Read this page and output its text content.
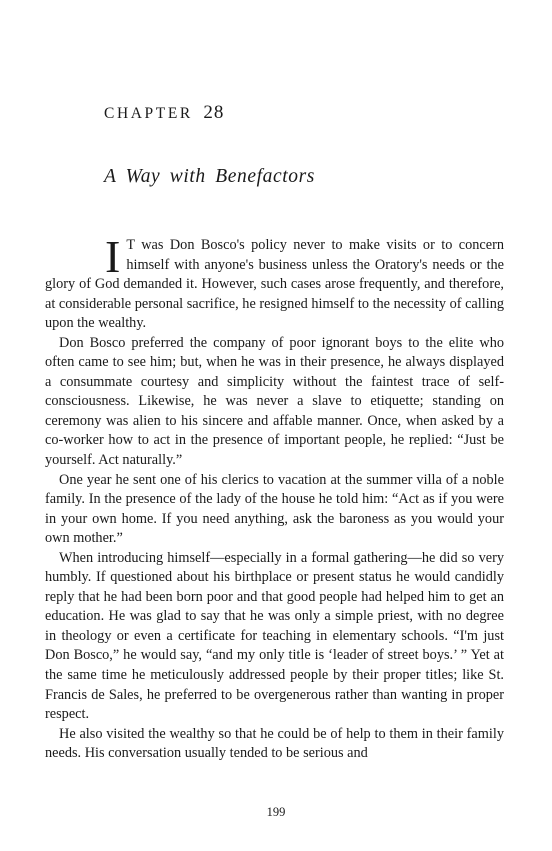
CHAPTER 28
A Way with Benefactors

I T was Don Bosco's policy never to make visits or to concern himself with anyone's business unless the Oratory's needs or the glory of God demanded it. However, such cases arose frequently, and therefore, at considerable personal sacrifice, he resigned himself to the necessity of calling upon the wealthy.

Don Bosco preferred the company of poor ignorant boys to the elite who often came to see him; but, when he was in their presence, he always displayed a consummate courtesy and simplicity without the faintest trace of self-consciousness. Likewise, he was never a slave to etiquette; standing on ceremony was alien to his sincere and affable manner. Once, when asked by a co-worker how to act in the presence of important people, he replied: “Just be yourself. Act naturally.”

One year he sent one of his clerics to vacation at the summer villa of a noble family. In the presence of the lady of the house he told him: “Act as if you were in your own home. If you need anything, ask the baroness as you would your own mother.”

When introducing himself—especially in a formal gathering—he did so very humbly. If questioned about his birthplace or present status he would candidly reply that he had been born poor and that good people had helped him to get an education. He was glad to say that he was only a simple priest, with no degree in theology or even a certificate for teaching in elementary schools. “I'm just Don Bosco,” he would say, “and my only title is ‘leader of street boys.’ ” Yet at the same time he meticulously addressed people by their proper titles; like St. Francis de Sales, he preferred to be overgenerous rather than wanting in proper respect.

He also visited the wealthy so that he could be of help to them in their family needs. His conversation usually tended to be serious and

199
